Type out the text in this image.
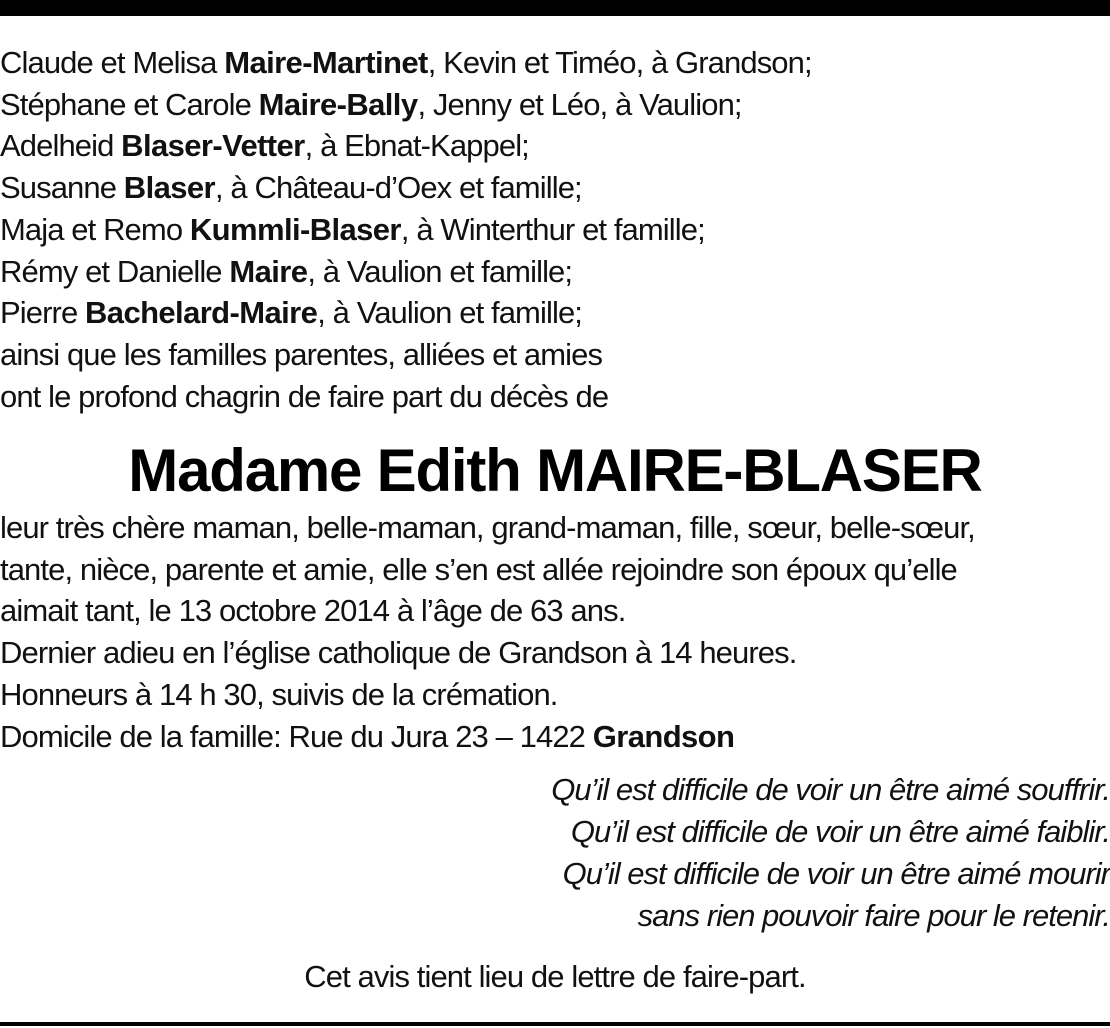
Claude et Melisa Maire-Martinet, Kevin et Timéo, à Grandson;
Stéphane et Carole Maire-Bally, Jenny et Léo, à Vaulion;
Adelheid Blaser-Vetter, à Ebnat-Kappel;
Susanne Blaser, à Château-d’Oex et famille;
Maja et Remo Kummli-Blaser, à Winterthur et famille;
Rémy et Danielle Maire, à Vaulion et famille;
Pierre Bachelard-Maire, à Vaulion et famille;
ainsi que les familles parentes, alliées et amies
ont le profond chagrin de faire part du décès de
Madame Edith MAIRE-BLASER
leur très chère maman, belle-maman, grand-maman, fille, sœur, belle-sœur,
tante, nièce, parente et amie, elle s’en est allée rejoindre son époux qu’elle
aimait tant, le 13 octobre 2014 à l’âge de 63 ans.
Dernier adieu en l’église catholique de Grandson à 14 heures.
Honneurs à 14 h 30, suivis de la crémation.
Domicile de la famille: Rue du Jura 23 – 1422 Grandson
Qu’il est difficile de voir un être aimé souffrir.
Qu’il est difficile de voir un être aimé faiblir.
Qu’il est difficile de voir un être aimé mourir
sans rien pouvoir faire pour le retenir.
Cet avis tient lieu de lettre de faire-part.
